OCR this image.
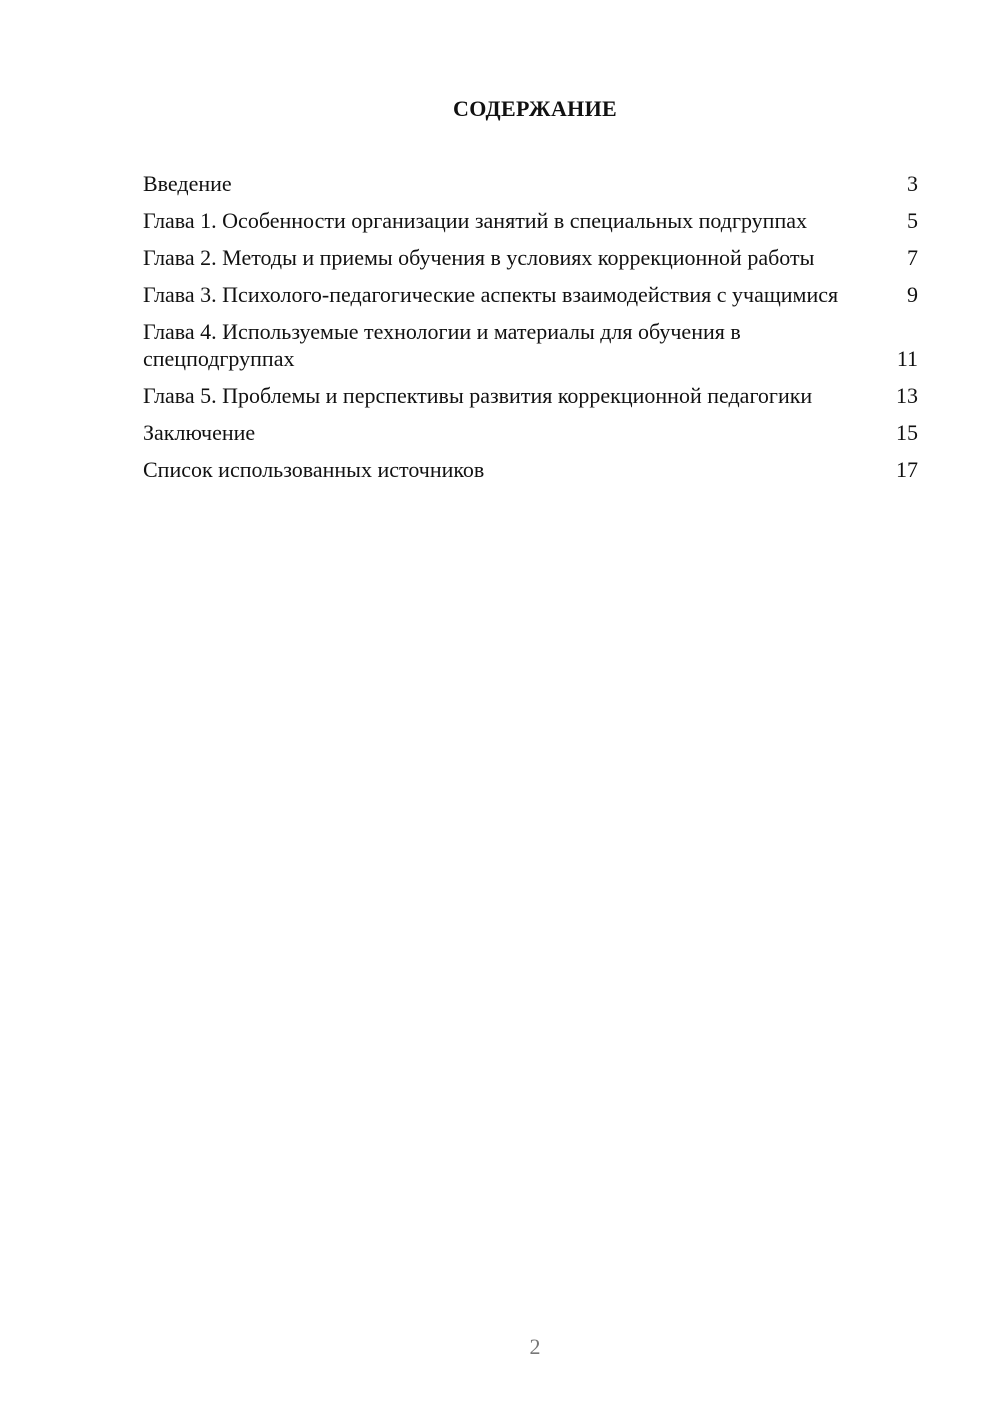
СОДЕРЖАНИЕ
Введение	3
Глава 1. Особенности организации занятий в специальных подгруппах	5
Глава 2. Методы и приемы обучения в условиях коррекционной работы	7
Глава 3. Психолого-педагогические аспекты взаимодействия с учащимися	9
Глава 4. Используемые технологии и материалы для обучения в спецподгруппах	11
Глава 5. Проблемы и перспективы развития коррекционной педагогики	13
Заключение	15
Список использованных источников	17
2
